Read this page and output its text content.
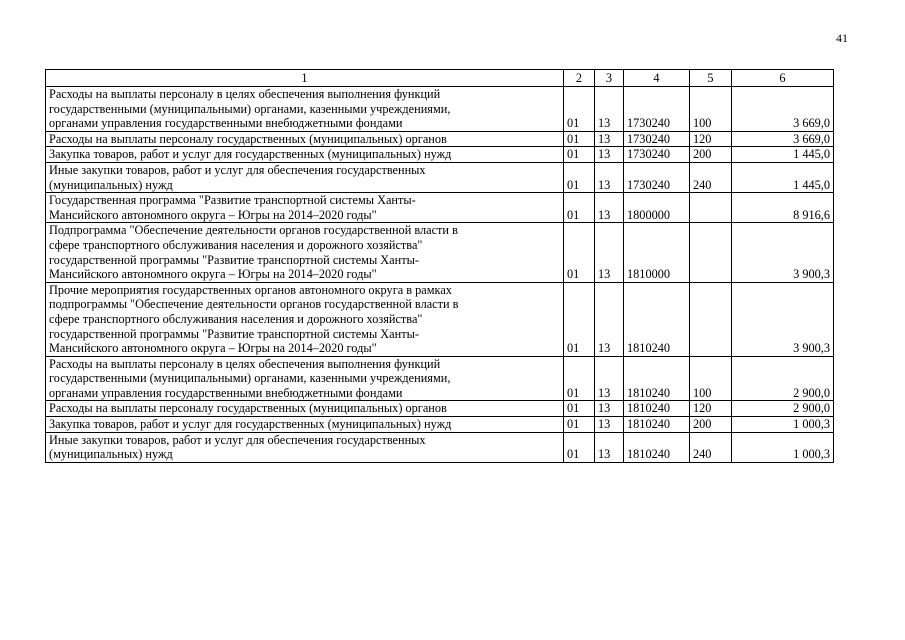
41
1	2	3	4	5	6

Расходы на выплаты персоналу в целях обеспечения выполнения функций
государственными (муниципальными) органами, казенными учреждениями,
органами управления государственными внебюджетными фондами	01	13	1730240	100	3 669,0

Расходы на выплаты персоналу государственных (муниципальных) органов	01	13	1730240	120	3 669,0

Закупка товаров, работ и услуг для государственных (муниципальных) нужд	01	13	1730240	200	1 445,0

Иные закупки товаров, работ и услуг для обеспечения государственных
(муниципальных) нужд	01	13	1730240	240	1 445,0

Государственная программа "Развитие транспортной системы Ханты-
Мансийского автономного округа – Югры на 2014–2020 годы"	01	13	1800000		8 916,6

Подпрограмма "Обеспечение деятельности органов государственной власти в
сфере транспортного обслуживания населения и дорожного хозяйства"
государственной программы "Развитие транспортной системы Ханты-
Мансийского автономного округа – Югры на 2014–2020 годы"	01	13	1810000		3 900,3

Прочие мероприятия государственных органов автономного округа в рамках
подпрограммы "Обеспечение деятельности органов государственной власти в
сфере транспортного обслуживания населения и дорожного хозяйства"
государственной программы "Развитие транспортной системы Ханты-
Мансийского автономного округа – Югры на 2014–2020 годы"	01	13	1810240		3 900,3

Расходы на выплаты персоналу в целях обеспечения выполнения функций
государственными (муниципальными) органами, казенными учреждениями,
органами управления государственными внебюджетными фондами	01	13	1810240	100	2 900,0

Расходы на выплаты персоналу государственных (муниципальных) органов	01	13	1810240	120	2 900,0

Закупка товаров, работ и услуг для государственных (муниципальных) нужд	01	13	1810240	200	1 000,3

Иные закупки товаров, работ и услуг для обеспечения государственных
(муниципальных) нужд	01	13	1810240	240	1 000,3
